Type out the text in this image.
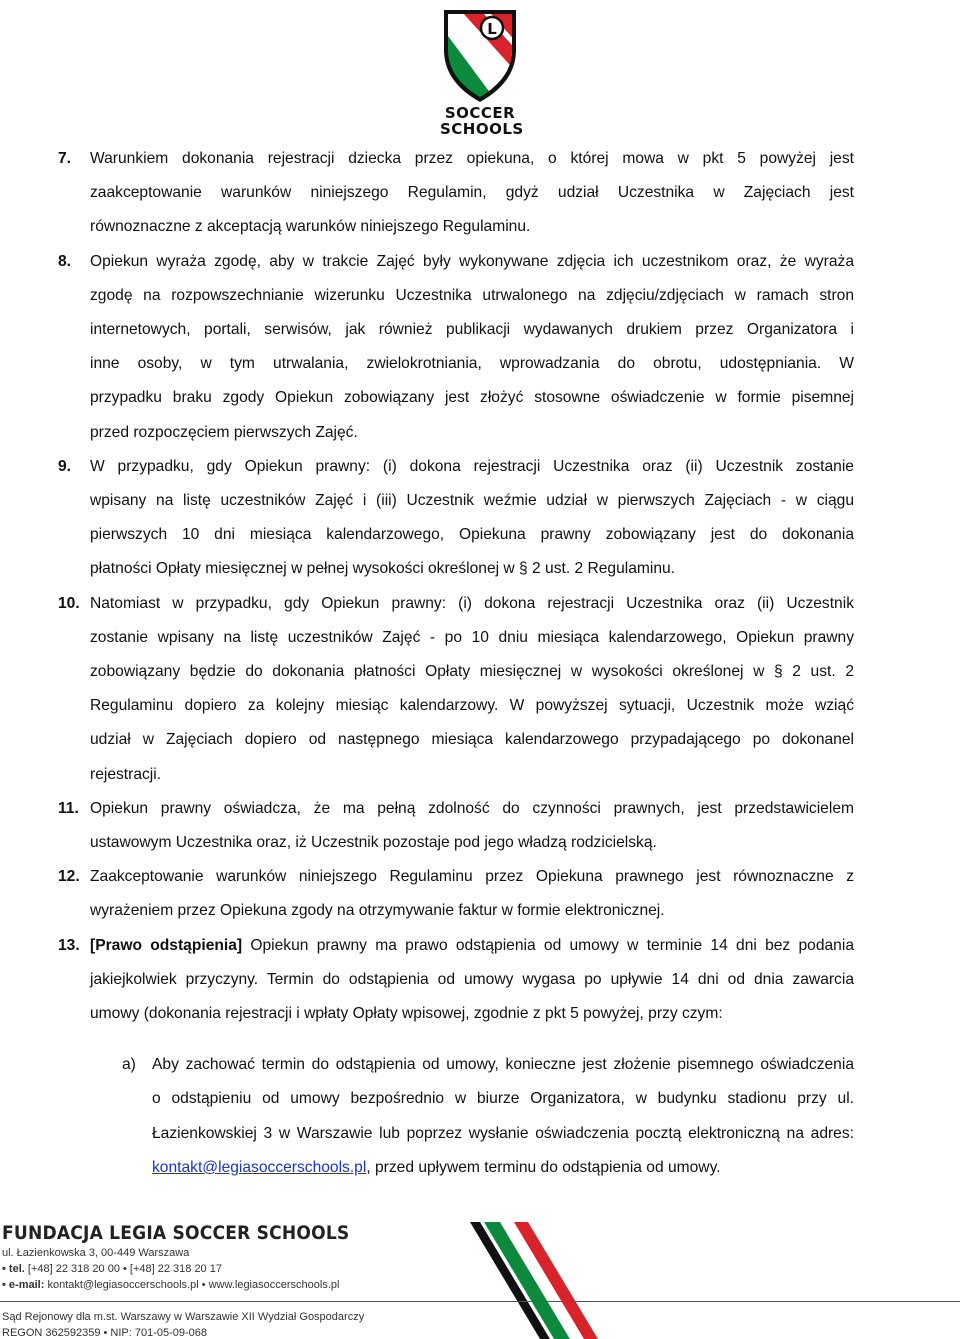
L
SOCCER
SCHOOLS
7. Warunkiem dokonania rejestracji dziecka przez opiekuna, o której mowa w pkt 5 powyżej jest
zaakceptowanie warunków niniejszego Regulamin, gdyż udział Uczestnika w Zajęciach jest
równoznaczne z akceptacją warunków niniejszego Regulaminu.
8. Opiekun wyraża zgodę, aby w trakcie Zajęć były wykonywane zdjęcia ich uczestnikom oraz, że wyraża
zgodę na rozpowszechnianie wizerunku Uczestnika utrwalonego na zdjęciu/zdjęciach w ramach stron
internetowych, portali, serwisów, jak również publikacji wydawanych drukiem przez Organizatora i
inne osoby, w tym utrwalania, zwielokrotniania, wprowadzania do obrotu, udostępniania. W
przypadku braku zgody Opiekun zobowiązany jest złożyć stosowne oświadczenie w formie pisemnej
przed rozpoczęciem pierwszych Zajęć.
9. W przypadku, gdy Opiekun prawny: (i) dokona rejestracji Uczestnika oraz (ii) Uczestnik zostanie
wpisany na listę uczestników Zajęć i (iii) Uczestnik weźmie udział w pierwszych Zajęciach - w ciągu
pierwszych 10 dni miesiąca kalendarzowego, Opiekuna prawny zobowiązany jest do dokonania
płatności Opłaty miesięcznej w pełnej wysokości określonej w § 2 ust. 2 Regulaminu.
10. Natomiast w przypadku, gdy Opiekun prawny: (i) dokona rejestracji Uczestnika oraz (ii) Uczestnik
zostanie wpisany na listę uczestników Zajęć - po 10 dniu miesiąca kalendarzowego, Opiekun prawny
zobowiązany będzie do dokonania płatności Opłaty miesięcznej w wysokości określonej w § 2 ust. 2
Regulaminu dopiero za kolejny miesiąc kalendarzowy. W powyższej sytuacji, Uczestnik może wziąć
udział w Zajęciach dopiero od następnego miesiąca kalendarzowego przypadającego po dokonanel
rejestracji.
11. Opiekun prawny oświadcza, że ma pełną zdolność do czynności prawnych, jest przedstawicielem
ustawowym Uczestnika oraz, iż Uczestnik pozostaje pod jego władzą rodzicielską.
12. Zaakceptowanie warunków niniejszego Regulaminu przez Opiekuna prawnego jest równoznaczne z
wyrażeniem przez Opiekuna zgody na otrzymywanie faktur w formie elektronicznej.
13. [Prawo odstąpienia] Opiekun prawny ma prawo odstąpienia od umowy w terminie 14 dni bez podania
jakiejkolwiek przyczyny. Termin do odstąpienia od umowy wygasa po upływie 14 dni od dnia zawarcia
umowy (dokonania rejestracji i wpłaty Opłaty wpisowej, zgodnie z pkt 5 powyżej, przy czym:
a) Aby zachować termin do odstąpienia od umowy, konieczne jest złożenie pisemnego oświadczenia
o odstąpieniu od umowy bezpośrednio w biurze Organizatora, w budynku stadionu przy ul.
Łazienkowskiej 3 w Warszawie lub poprzez wysłanie oświadczenia pocztą elektroniczną na adres:
kontakt@legiasoccerschools.pl, przed upływem terminu do odstąpienia od umowy.
FUNDACJA LEGIA SOCCER SCHOOLS
ul. Łazienkowska 3, 00-449 Warszawa
• tel. [+48] 22 318 20 00 • [+48] 22 318 20 17
• e-mail: kontakt@legiasoccerschools.pl • www.legiasoccerschools.pl
Sąd Rejonowy dla m.st. Warszawy w Warszawie XII Wydział Gospodarczy
REGON 362592359 • NIP: 701-05-09-068
